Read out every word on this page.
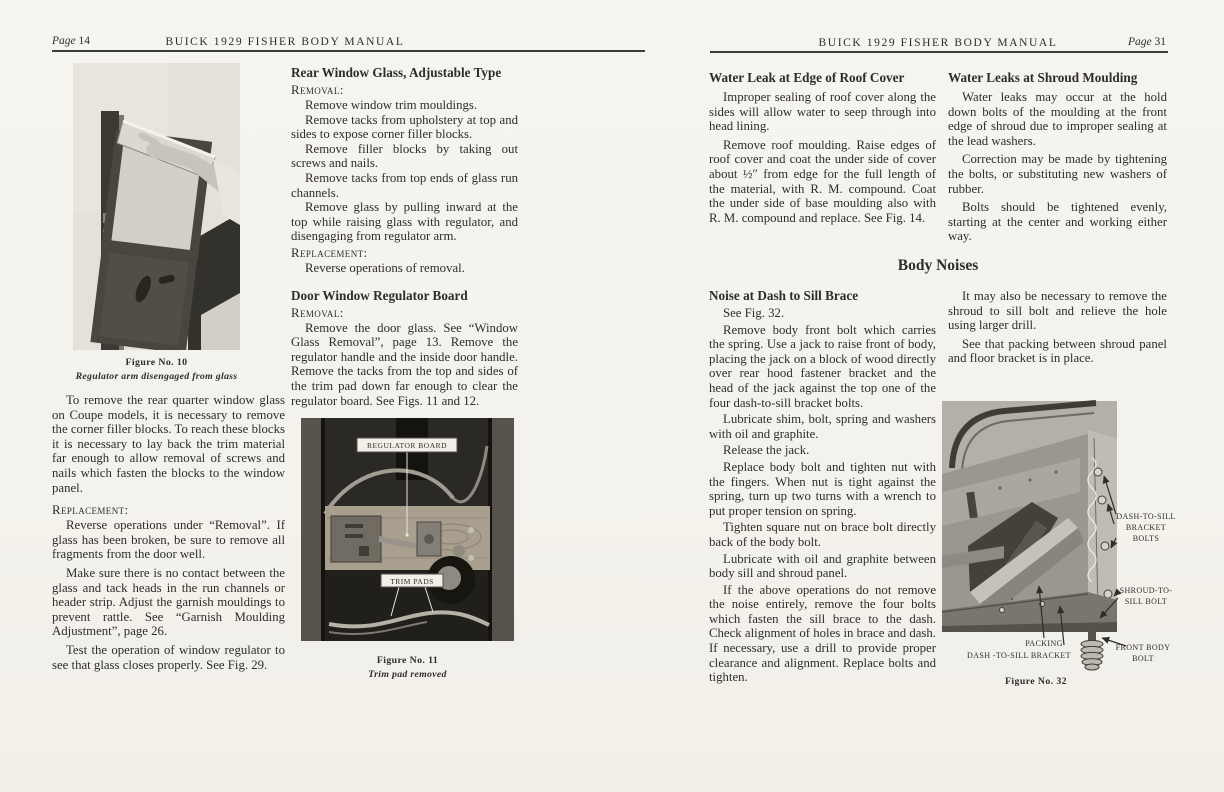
Page 14	BUICK 1929 FISHER BODY MANUAL
Figure No. 10
Regulator arm disengaged from glass

To remove the rear quarter window glass on Coupe models, it is necessary to remove the corner filler blocks. To reach these blocks it is necessary to lay back the trim material far enough to allow removal of screws and nails which fasten the blocks to the window panel.

Replacement:

Reverse operations under “Removal”. If glass has been broken, be sure to remove all fragments from the door well.

Make sure there is no contact between the glass and tack heads in the run channels or header strip. Adjust the garnish mouldings to prevent rattle. See “Garnish Moulding Adjustment”, page 26.

Test the operation of window regulator to see that glass closes properly. See Fig. 29.

Rear Window Glass, Adjustable Type

Removal:

Remove window trim mouldings.

Remove tacks from upholstery at top and sides to expose corner filler blocks.

Remove filler blocks by taking out screws and nails.

Remove tacks from top ends of glass run channels.

Remove glass by pulling inward at the top while raising glass with regulator, and disengaging from regulator arm.

Replacement:

Reverse operations of removal.

Door Window Regulator Board

Removal:

Remove the door glass. See “Window Glass Removal”, page 13. Remove the regulator handle and the inside door handle. Remove the tacks from the top and sides of the trim pad down far enough to clear the regulator board. See Figs. 11 and 12.

REGULATOR BOARD
TRIM PADS
Figure No. 11
Trim pad removed
BUICK 1929 FISHER BODY MANUAL	Page 31

Water Leak at Edge of Roof Cover

Improper sealing of roof cover along the sides will allow water to seep through into head lining.

Remove roof moulding. Raise edges of roof cover and coat the under side of cover about ½″ from edge for the full length of the material, with R. M. compound. Coat the under side of base moulding also with R. M. compound and replace. See Fig. 14.

Water Leaks at Shroud Moulding

Water leaks may occur at the hold down bolts of the moulding at the front edge of shroud due to improper sealing at the lead washers.

Correction may be made by tightening the bolts, or substituting new washers of rubber.

Bolts should be tightened evenly, starting at the center and working either way.

Body Noises

Noise at Dash to Sill Brace

See Fig. 32.

Remove body front bolt which carries the spring. Use a jack to raise front of body, placing the jack on a block of wood directly over rear hood fastener bracket and the head of the jack against the top one of the four dash-to-sill bracket bolts.

Lubricate shim, bolt, spring and washers with oil and graphite.

Release the jack.

Replace body bolt and tighten nut with the fingers. When nut is tight against the spring, turn up two turns with a wrench to put proper tension on spring.

Tighten square nut on brace bolt directly back of the body bolt.

Lubricate with oil and graphite between body sill and shroud panel.

If the above operations do not remove the noise entirely, remove the four bolts which fasten the sill brace to the dash. Check alignment of holes in brace and dash. If necessary, use a drill to provide proper clearance and alignment. Replace bolts and tighten.

It may also be necessary to remove the shroud to sill bolt and relieve the hole using larger drill.

See that packing between shroud panel and floor bracket is in place.

DASH-TO-SILL
BRACKET
BOLTS
SHROUD-TO-
SILL BOLT
PACKING
DASH -TO-SILL BRACKET
FRONT BODY
BOLT
Figure No. 32
